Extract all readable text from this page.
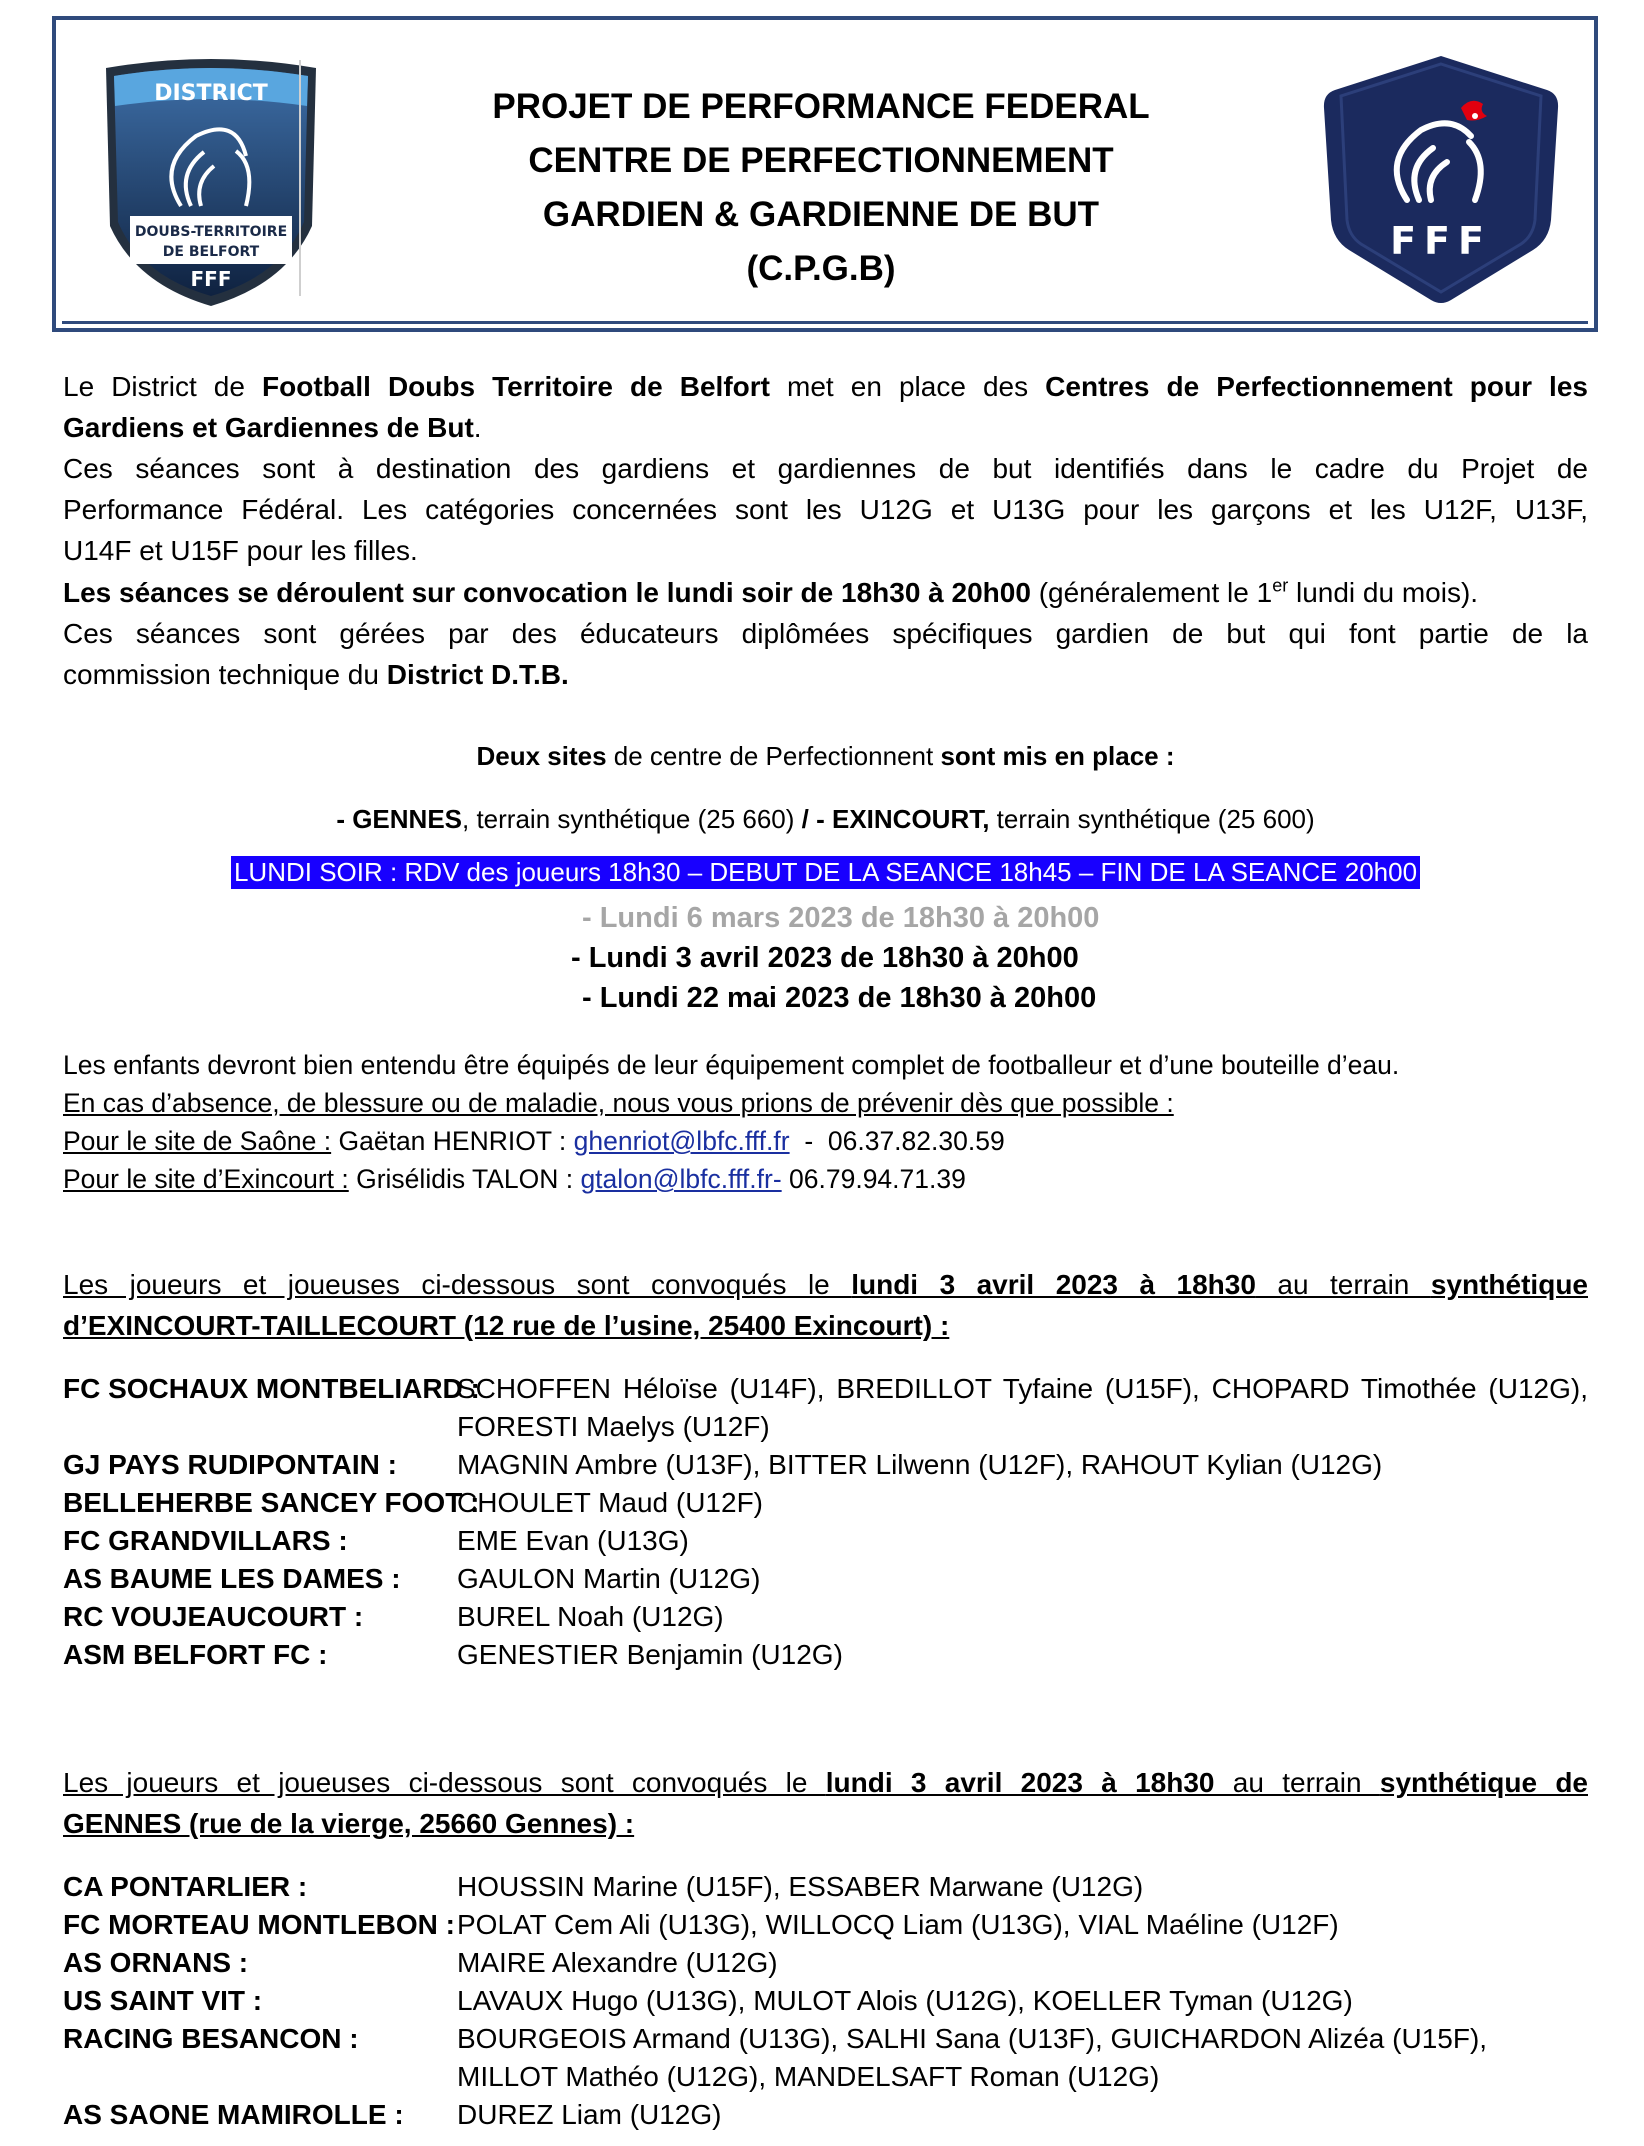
DISTRICT
DOUBS-TERRITOIRE
DE BELFORT
FFF
PROJET DE PERFORMANCE FEDERAL
CENTRE DE PERFECTIONNEMENT
GARDIEN & GARDIENNE DE BUT
(C.P.G.B)
FFF
Le District de Football Doubs Territoire de Belfort met en place des Centres de Perfectionnement pour les
Gardiens et Gardiennes de But.
Ces séances sont à destination des gardiens et gardiennes de but identifiés dans le cadre du Projet de
Performance Fédéral. Les catégories concernées sont les U12G et U13G pour les garçons et les U12F, U13F,
U14F et U15F pour les filles.
Les séances se déroulent sur convocation le lundi soir de 18h30 à 20h00 (généralement le 1er lundi du mois).
Ces séances sont gérées par des éducateurs diplômées spécifiques gardien de but qui font partie de la
commission technique du District D.T.B.
Deux sites de centre de Perfectionnent sont mis en place :
- GENNES, terrain synthétique (25 660) / - EXINCOURT, terrain synthétique (25 600)
LUNDI SOIR : RDV des joueurs 18h30 – DEBUT DE LA SEANCE 18h45 – FIN DE LA SEANCE 20h00
- Lundi 6 mars 2023 de 18h30 à 20h00
- Lundi 3 avril 2023 de 18h30 à 20h00
- Lundi 22 mai 2023 de 18h30 à 20h00
Les enfants devront bien entendu être équipés de leur équipement complet de footballeur et d’une bouteille d’eau.
En cas d’absence, de blessure ou de maladie, nous vous prions de prévenir dès que possible :
Pour le site de Saône : Gaëtan HENRIOT : ghenriot@lbfc.fff.fr  -  06.37.82.30.59
Pour le site d’Exincourt : Grisélidis TALON : gtalon@lbfc.fff.fr- 06.79.94.71.39
Les joueurs et joueuses ci-dessous sont convoqués le lundi 3 avril 2023 à 18h30 au terrain synthétique
d’EXINCOURT-TAILLECOURT (12 rue de l’usine, 25400 Exincourt) :
FC SOCHAUX MONTBELIARD :
SCHOFFEN Héloïse (U14F), BREDILLOT Tyfaine (U15F), CHOPARD Timothée (U12G),
FORESTI Maelys (U12F)
GJ PAYS RUDIPONTAIN : MAGNIN Ambre (U13F), BITTER Lilwenn (U12F), RAHOUT Kylian (U12G)
BELLEHERBE SANCEY FOOT :
CHOULET Maud (U12F)
FC GRANDVILLARS :	EME Evan (U13G)
AS BAUME LES DAMES : GAULON Martin (U12G)
RC VOUJEAUCOURT :	BUREL Noah (U12G)
ASM BELFORT FC :	GENESTIER Benjamin (U12G)
Les joueurs et joueuses ci-dessous sont convoqués le lundi 3 avril 2023 à 18h30 au terrain synthétique de
GENNES (rue de la vierge, 25660 Gennes) :
CA PONTARLIER :	HOUSSIN Marine (U15F), ESSABER Marwane (U12G)
FC MORTEAU MONTLEBON : POLAT Cem Ali (U13G), WILLOCQ Liam (U13G), VIAL Maéline (U12F)
AS ORNANS :	MAIRE Alexandre (U12G)
US SAINT VIT :	LAVAUX Hugo (U13G), MULOT Alois (U12G), KOELLER Tyman (U12G)
RACING BESANCON :	BOURGEOIS Armand (U13G), SALHI Sana (U13F), GUICHARDON Alizéa (U15F),
MILLOT Mathéo (U12G), MANDELSAFT Roman (U12G)
AS SAONE MAMIROLLE : DUREZ Liam (U12G)
